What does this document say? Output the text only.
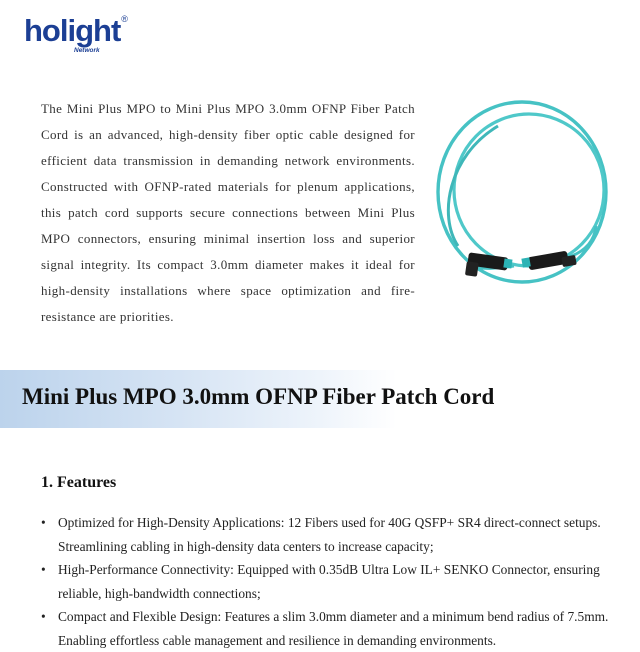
holight®
Network

The Mini Plus MPO to Mini Plus MPO 3.0mm OFNP Fiber Patch Cord is an advanced, high-density fiber optic cable designed for efficient data transmission in demanding network environments. Constructed with OFNP-rated materials for plenum applications, this patch cord supports secure connections between Mini Plus MPO connectors, ensuring minimal insertion loss and superior signal integrity. Its compact 3.0mm diameter makes it ideal for high-density installations where space optimization and fire-resistance are priorities.

Mini Plus MPO 3.0mm OFNP Fiber Patch Cord
1. Features
• Optimized for High-Density Applications: 12 Fibers used for 40G QSFP+ SR4 direct-connect setups. Streamlining cabling in high-density data centers to increase capacity;
• High-Performance Connectivity: Equipped with 0.35dB Ultra Low IL+ SENKO Connector, ensuring reliable, high-bandwidth connections;
• Compact and Flexible Design: Features a slim 3.0mm diameter and a minimum bend radius of 7.5mm. Enabling effortless cable management and resilience in demanding environments.
